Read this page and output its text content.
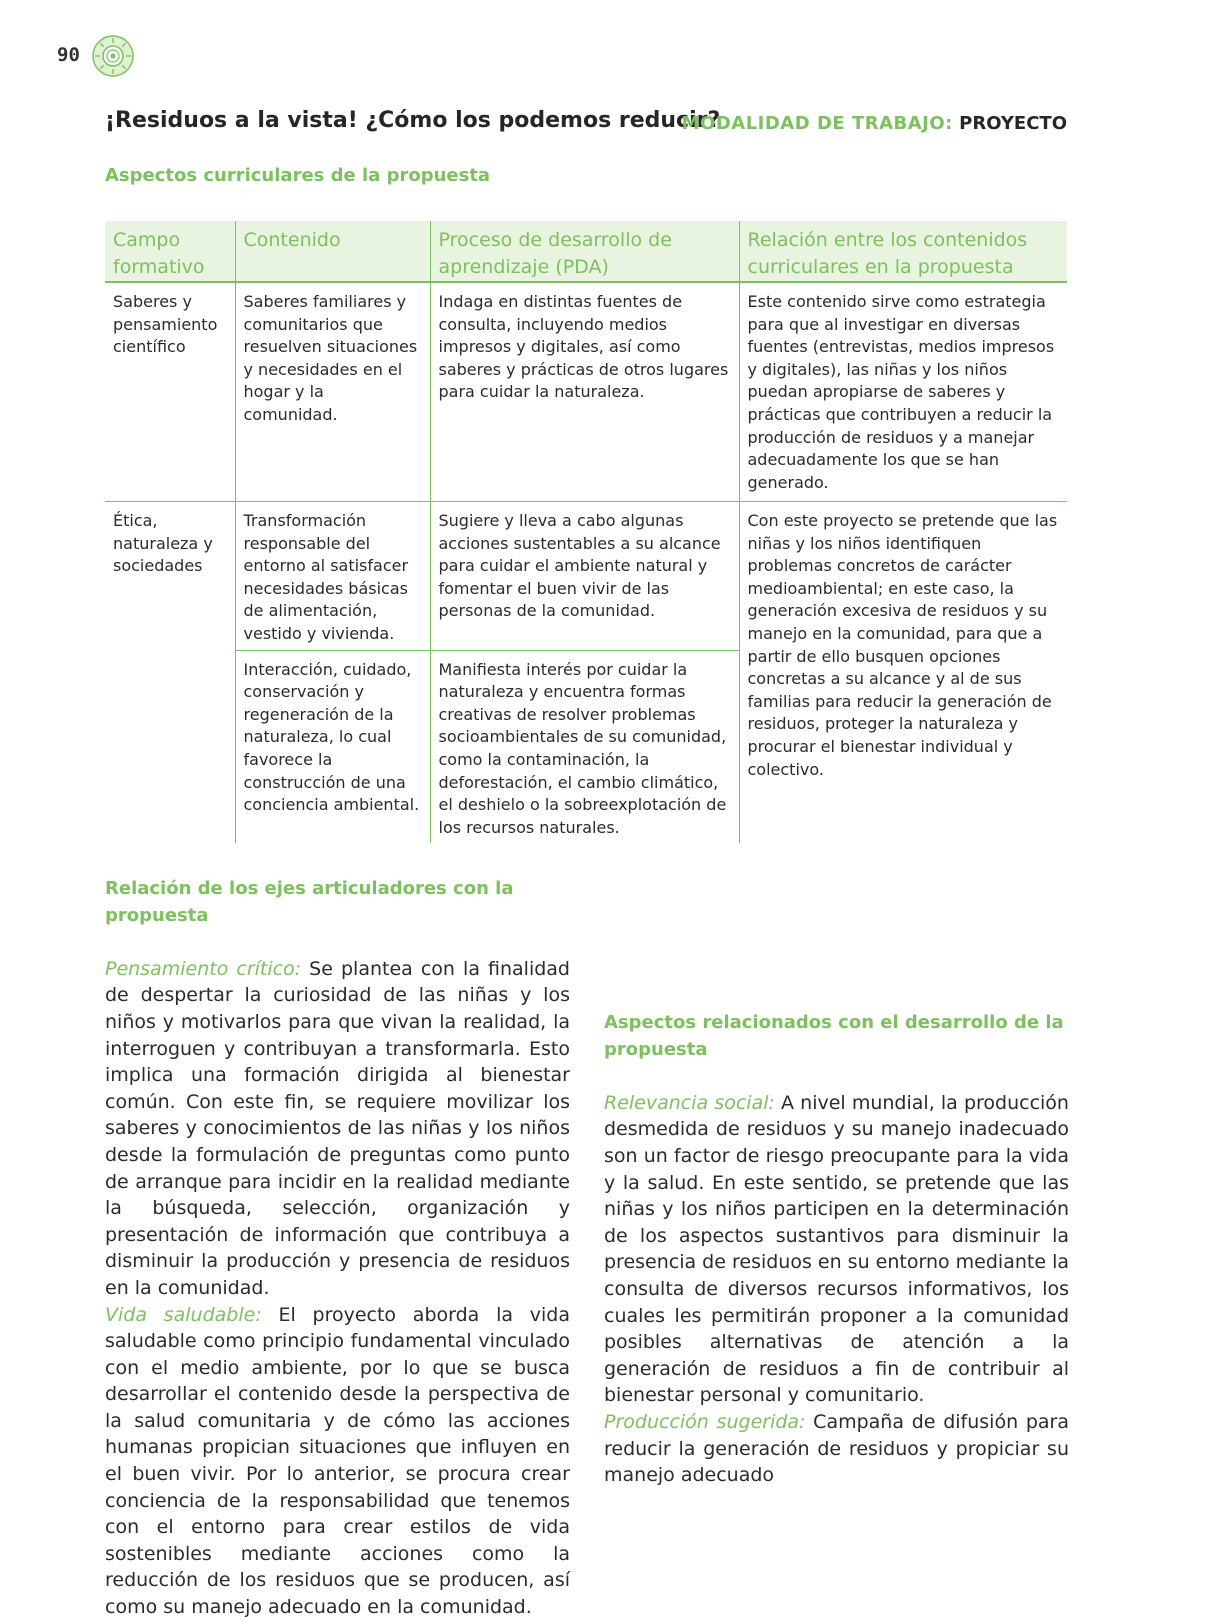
90
¡Residuos a la vista! ¿Cómo los podemos reducir?
MODALIDAD DE TRABAJO: PROYECTO
Aspectos curriculares de la propuesta
Campo formativo	Contenido	Proceso de desarrollo de aprendizaje (PDA)	Relación entre los contenidos curriculares en la propuesta
Saberes y pensamiento científico	Saberes familiares y comunitarios que resuelven situaciones y necesidades en el hogar y la comunidad.	Indaga en distintas fuentes de consulta, incluyendo medios impresos y digitales, así como saberes y prácticas de otros lugares para cuidar la naturaleza.	Este contenido sirve como estrategia para que al investigar en diversas fuentes (entrevistas, medios impresos y digitales), las niñas y los niños puedan apropiarse de saberes y prácticas que contribuyen a reducir la producción de residuos y a manejar adecuadamente los que se han generado.
Ética, naturaleza y sociedades	Transformación responsable del entorno al satisfacer necesidades básicas de alimentación, vestido y vivienda.	Sugiere y lleva a cabo algunas acciones sustentables a su alcance para cuidar el ambiente natural y fomentar el buen vivir de las personas de la comunidad.	Con este proyecto se pretende que las niñas y los niños identifiquen problemas concretos de carácter medioambiental; en este caso, la generación excesiva de residuos y su manejo en la comunidad, para que a partir de ello busquen opciones concretas a su alcance y al de sus familias para reducir la generación de residuos, proteger la naturaleza y procurar el bienestar individual y colectivo.
	Interacción, cuidado, conservación y regeneración de la naturaleza, lo cual favorece la construcción de una conciencia ambiental.	Manifiesta interés por cuidar la naturaleza y encuentra formas creativas de resolver problemas socioambientales de su comunidad, como la contaminación, la deforestación, el cambio climático, el deshielo o la sobreexplotación de los recursos naturales.	
Relación de los ejes articuladores con la propuesta

Pensamiento crítico: Se plantea con la finalidad de despertar la curiosidad de las niñas y los niños y motivarlos para que vivan la realidad, la interroguen y contribuyan a transformarla. Esto implica una formación dirigida al bienestar común. Con este fin, se requiere movilizar los saberes y conocimientos de las niñas y los niños desde la formulación de preguntas como punto de arranque para incidir en la realidad mediante la búsqueda, selección, organización y presentación de información que contribuya a disminuir la producción y presencia de residuos en la comunidad.

Vida saludable: El proyecto aborda la vida saludable como principio fundamental vinculado con el medio ambiente, por lo que se busca desarrollar el contenido desde la perspectiva de la salud comunitaria y de cómo las acciones humanas propician situaciones que influyen en el buen vivir. Por lo anterior, se procura crear conciencia de la responsabilidad que tenemos con el entorno para crear estilos de vida sostenibles mediante acciones como la reducción de los residuos que se producen, así como su manejo adecuado en la comunidad.

Aspectos relacionados con el desarrollo de la propuesta

Relevancia social: A nivel mundial, la producción desmedida de residuos y su manejo inadecuado son un factor de riesgo preocupante para la vida y la salud. En este sentido, se pretende que las niñas y los niños participen en la determinación de los aspectos sustantivos para disminuir la presencia de residuos en su entorno mediante la consulta de diversos recursos informativos, los cuales les permitirán proponer a la comunidad posibles alternativas de atención a la generación de residuos a fin de contribuir al bienestar personal y comunitario.

Producción sugerida: Campaña de difusión para reducir la generación de residuos y propiciar su manejo adecuado
